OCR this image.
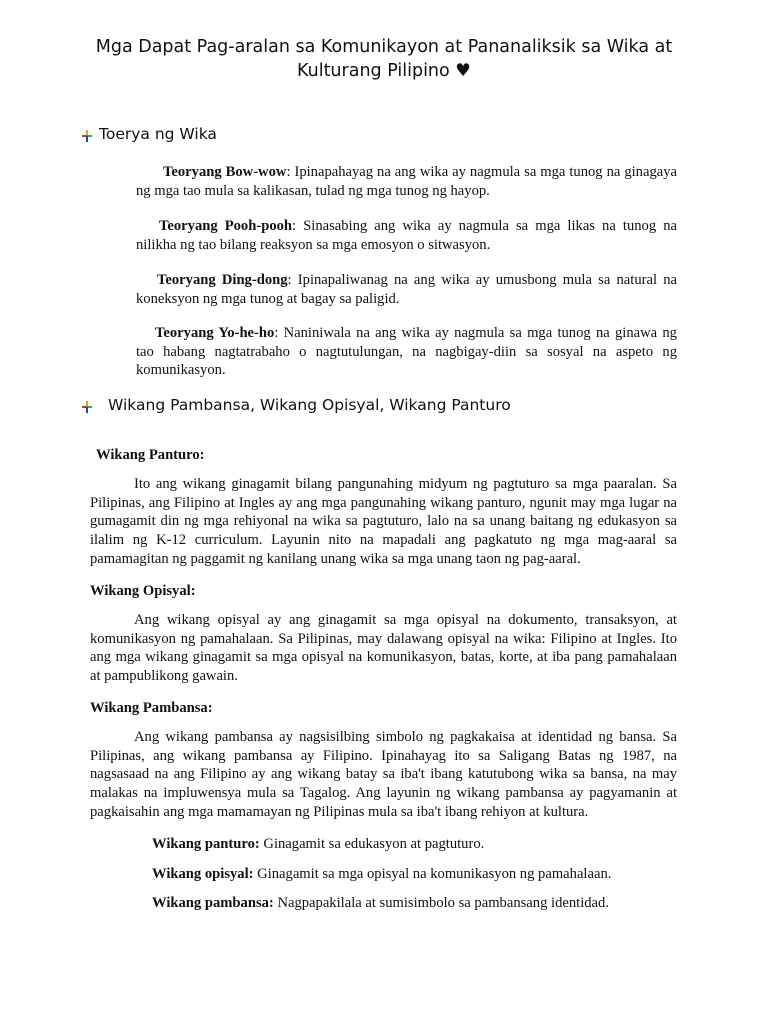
Mga Dapat Pag-aralan sa Komunikayon at Pananaliksik sa Wika at Kulturang Pilipino ♥
Toerya ng Wika

Teoryang Bow-wow: Ipinapahayag na ang wika ay nagmula sa mga tunog na ginagaya ng mga tao mula sa kalikasan, tulad ng mga tunog ng hayop.

Teoryang Pooh-pooh: Sinasabing ang wika ay nagmula sa mga likas na tunog na nilikha ng tao bilang reaksyon sa mga emosyon o sitwasyon.

Teoryang Ding-dong: Ipinapaliwanag na ang wika ay umusbong mula sa natural na koneksyon ng mga tunog at bagay sa paligid.

Teoryang Yo-he-ho: Naniniwala na ang wika ay nagmula sa mga tunog na ginawa ng tao habang nagtatrabaho o nagtutulungan, na nagbigay-diin sa sosyal na aspeto ng komunikasyon.

Wikang Pambansa, Wikang Opisyal, Wikang Panturo
Wikang Panturo:

Ito ang wikang ginagamit bilang pangunahing midyum ng pagtuturo sa mga paaralan. Sa Pilipinas, ang Filipino at Ingles ay ang mga pangunahing wikang panturo, ngunit may mga lugar na gumagamit din ng mga rehiyonal na wika sa pagtuturo, lalo na sa unang baitang ng edukasyon sa ilalim ng K-12 curriculum. Layunin nito na mapadali ang pagkatuto ng mga mag-aaral sa pamamagitan ng paggamit ng kanilang unang wika sa mga unang taon ng pag-aaral.

Wikang Opisyal:

Ang wikang opisyal ay ang ginagamit sa mga opisyal na dokumento, transaksyon, at komunikasyon ng pamahalaan. Sa Pilipinas, may dalawang opisyal na wika: Filipino at Ingles. Ito ang mga wikang ginagamit sa mga opisyal na komunikasyon, batas, korte, at iba pang pamahalaan at pampublikong gawain.

Wikang Pambansa:

Ang wikang pambansa ay nagsisilbing simbolo ng pagkakaisa at identidad ng bansa. Sa Pilipinas, ang wikang pambansa ay Filipino. Ipinahayag ito sa Saligang Batas ng 1987, na nagsasaad na ang Filipino ay ang wikang batay sa iba't ibang katutubong wika sa bansa, na may malakas na impluwensya mula sa Tagalog. Ang layunin ng wikang pambansa ay pagyamanin at pagkaisahin ang mga mamamayan ng Pilipinas mula sa iba't ibang rehiyon at kultura.

Wikang panturo: Ginagamit sa edukasyon at pagtuturo.
Wikang opisyal: Ginagamit sa mga opisyal na komunikasyon ng pamahalaan.
Wikang pambansa: Nagpapakilala at sumisimbolo sa pambansang identidad.
